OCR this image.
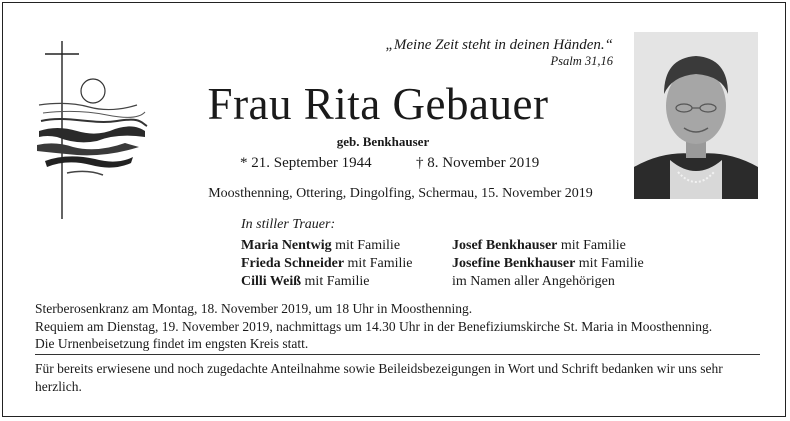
„Meine Zeit steht in deinen Händen.“
Psalm 31,16
Frau Rita Gebauer
geb. Benkhauser
* 21. September 1944	† 8. November 2019
Moosthenning, Ottering, Dingolfing, Schermau, 15. November 2019
In stiller Trauer:
Maria Nentwig mit Familie
Frieda Schneider mit Familie
Cilli Weiß mit Familie
Josef Benkhauser mit Familie
Josefine Benkhauser mit Familie
im Namen aller Angehörigen
Sterberosenkranz am Montag, 18. November 2019, um 18 Uhr in Moosthenning.
Requiem am Dienstag, 19. November 2019, nachmittags um 14.30 Uhr in der Benefiziumskirche St. Maria in Moosthenning.
Die Urnenbeisetzung findet im engsten Kreis statt.
Für bereits erwiesene und noch zugedachte Anteilnahme sowie Beileidsbezeigungen in Wort und Schrift bedanken wir uns sehr herzlich.
